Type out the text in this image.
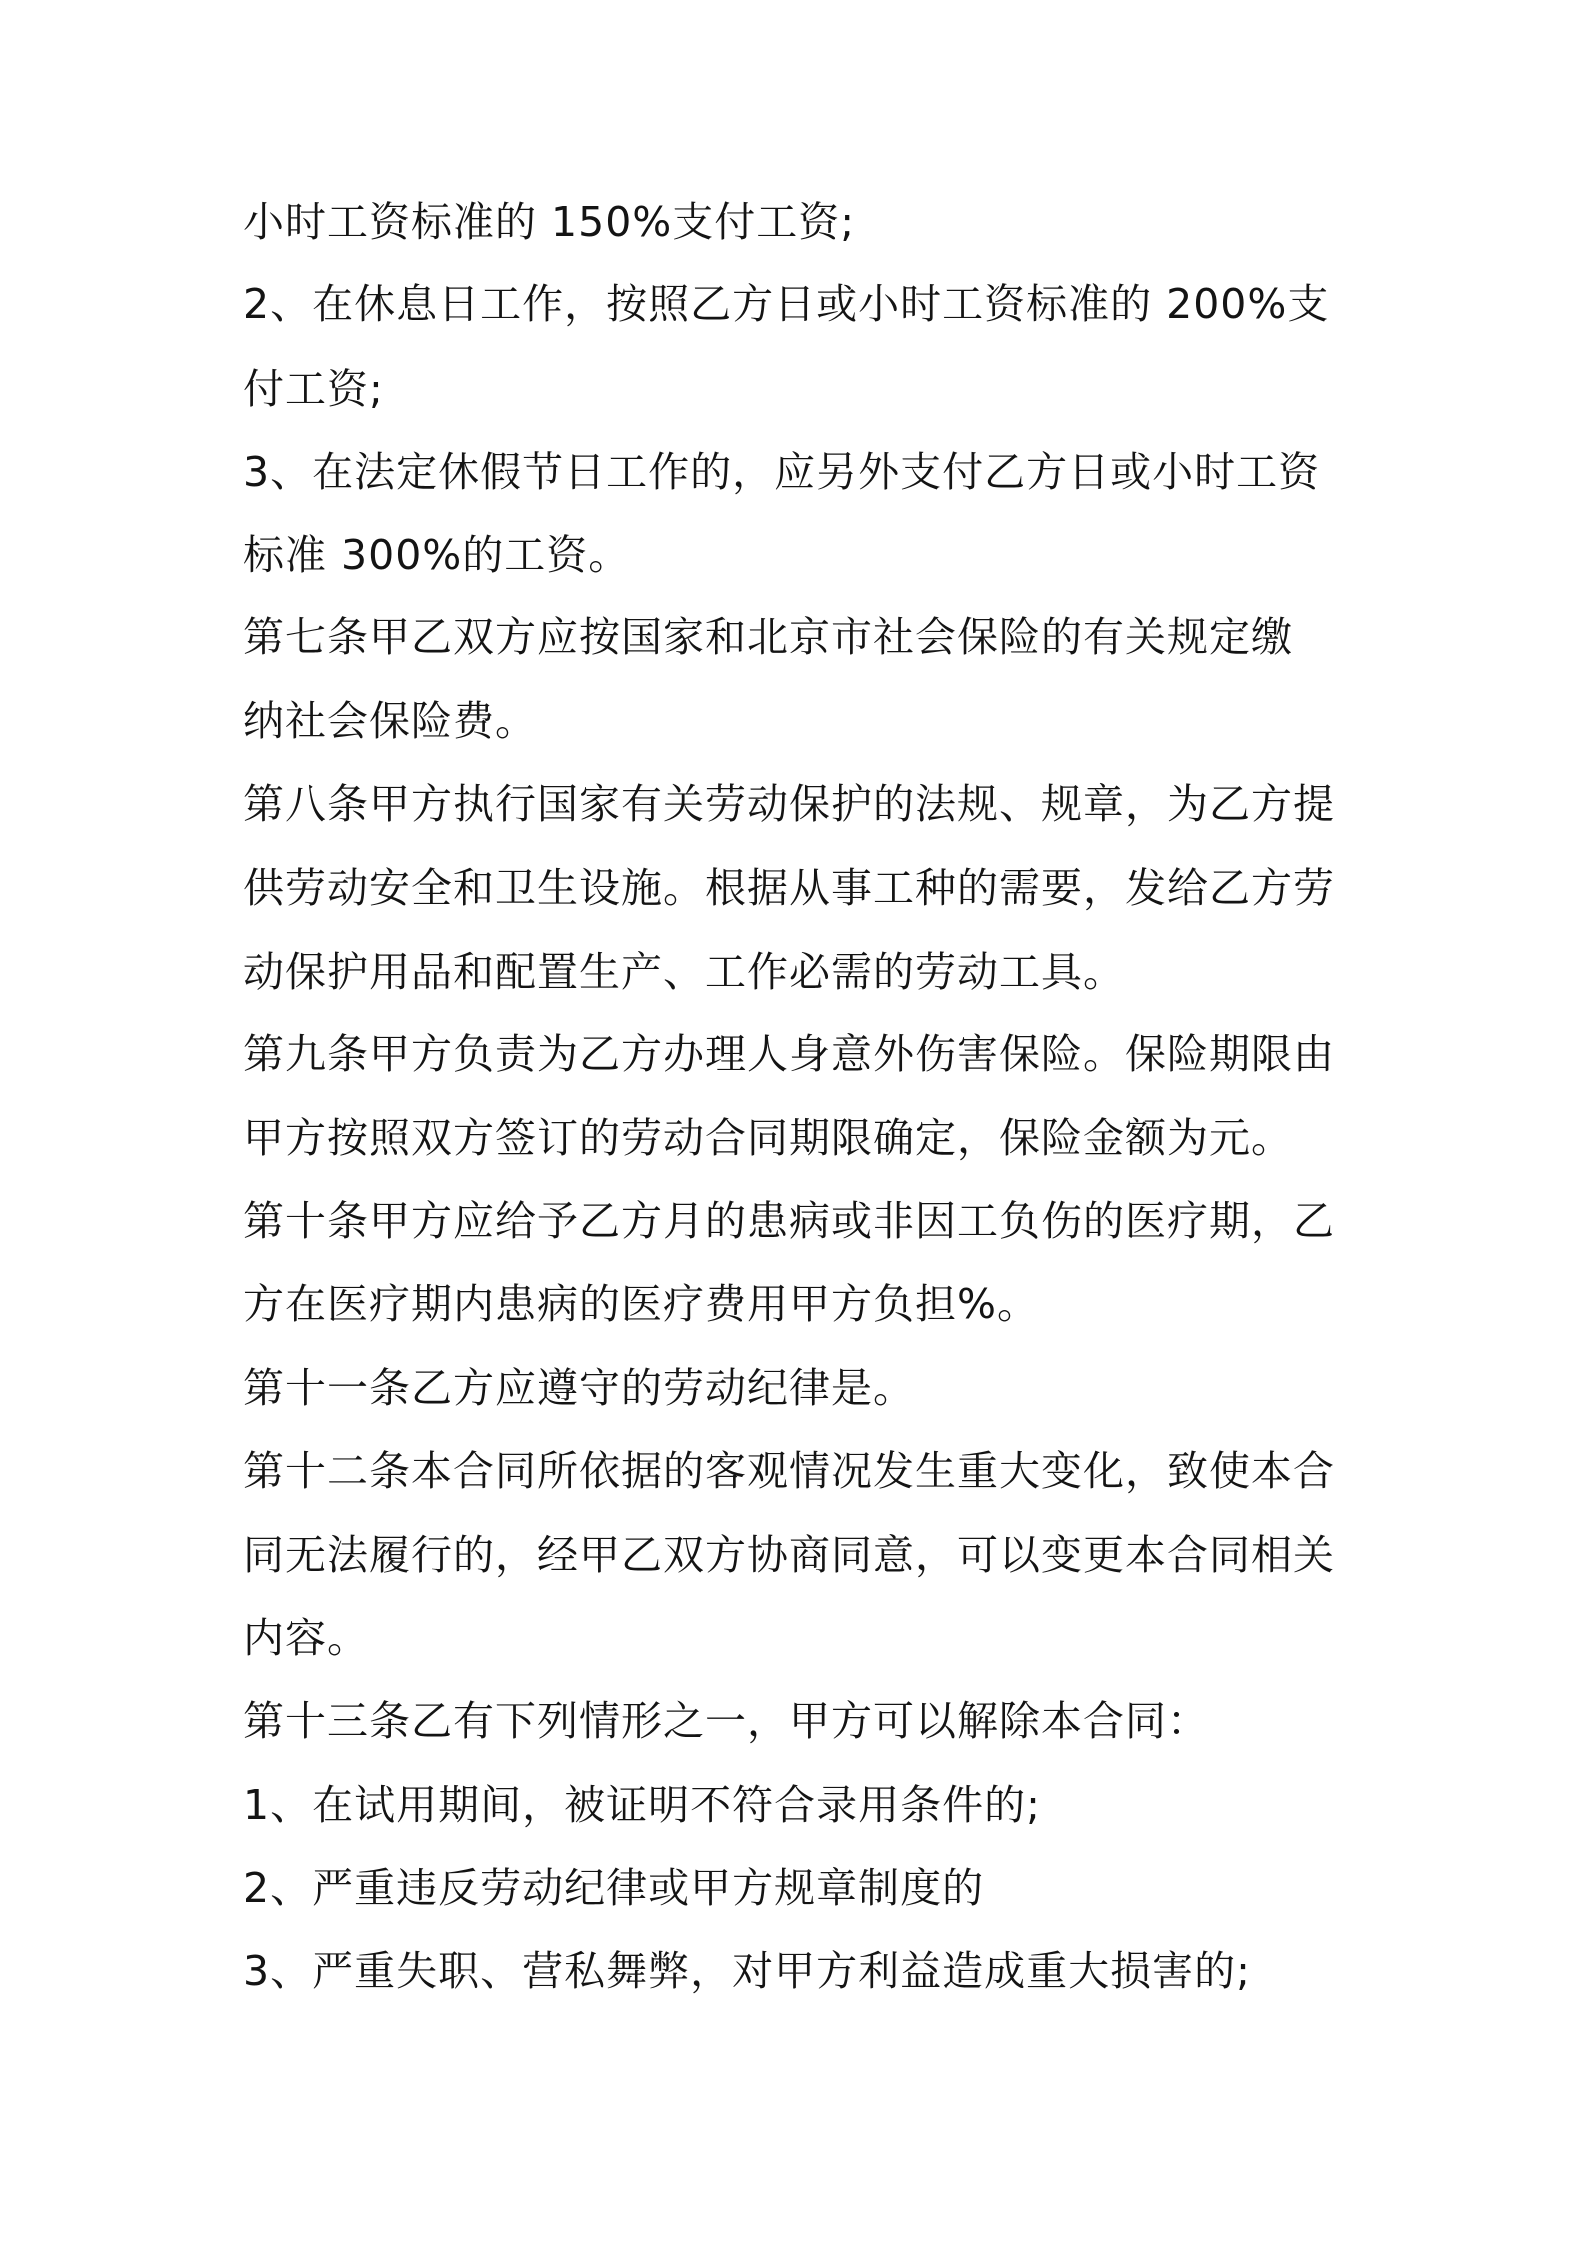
小时工资标准的 150%支付工资;
2、在休息日工作，按照乙方日或小时工资标准的 200%支
付工资;
3、在法定休假节日工作的，应另外支付乙方日或小时工资
标准 300%的工资。
第七条甲乙双方应按国家和北京市社会保险的有关规定缴
纳社会保险费。
第八条甲方执行国家有关劳动保护的法规、规章，为乙方提
供劳动安全和卫生设施。根据从事工种的需要，发给乙方劳
动保护用品和配置生产、工作必需的劳动工具。
第九条甲方负责为乙方办理人身意外伤害保险。保险期限由
甲方按照双方签订的劳动合同期限确定，保险金额为元。
第十条甲方应给予乙方月的患病或非因工负伤的医疗期，乙
方在医疗期内患病的医疗费用甲方负担%。
第十一条乙方应遵守的劳动纪律是。
第十二条本合同所依据的客观情况发生重大变化，致使本合
同无法履行的，经甲乙双方协商同意，可以变更本合同相关
内容。
第十三条乙有下列情形之一，甲方可以解除本合同：
1、在试用期间，被证明不符合录用条件的;
2、严重违反劳动纪律或甲方规章制度的
3、严重失职、营私舞弊，对甲方利益造成重大损害的;
